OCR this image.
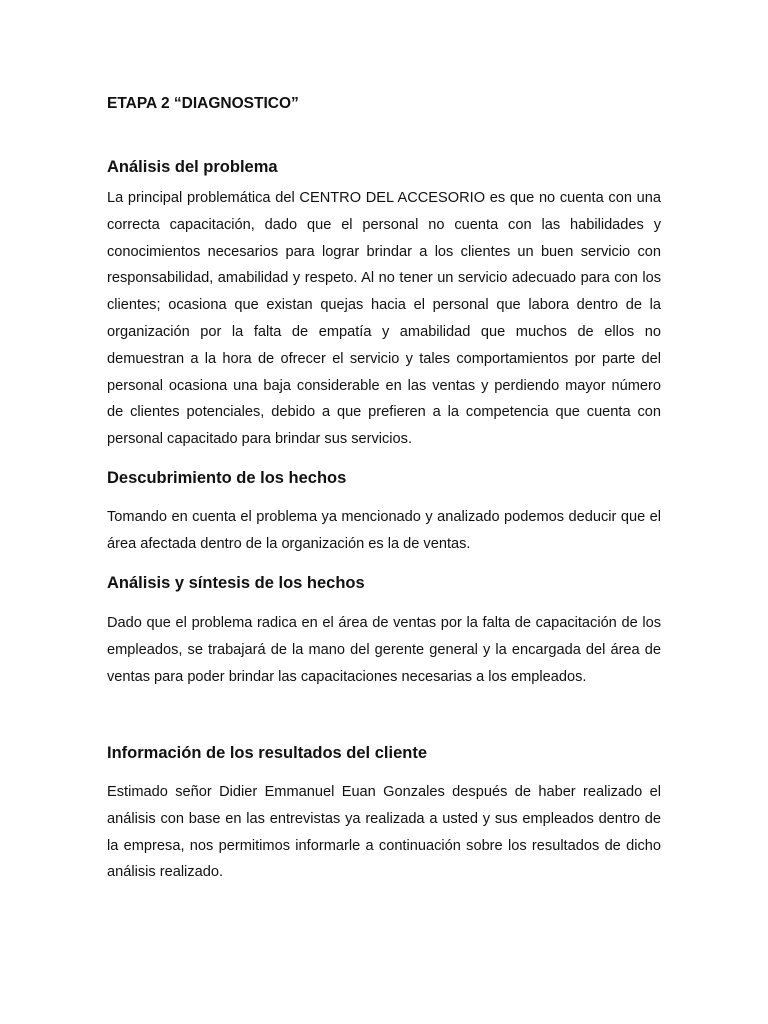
ETAPA 2 “DIAGNOSTICO”
Análisis del problema

La principal problemática del CENTRO DEL ACCESORIO es que no cuenta con una correcta capacitación, dado que el personal no cuenta con las habilidades y conocimientos necesarios para lograr brindar a los clientes un buen servicio con responsabilidad, amabilidad y respeto. Al no tener un servicio adecuado para con los clientes; ocasiona que existan quejas hacia el personal que labora dentro de la organización por la falta de empatía y amabilidad que muchos de ellos no demuestran a la hora de ofrecer el servicio y tales comportamientos por parte del personal ocasiona una baja considerable en las ventas y perdiendo mayor número de clientes potenciales, debido a que prefieren a la competencia que cuenta con personal capacitado para brindar sus servicios.

Descubrimiento de los hechos

Tomando en cuenta el problema ya mencionado y analizado podemos deducir que el área afectada dentro de la organización es la de ventas.

Análisis y síntesis de los hechos

Dado que el problema radica en el área de ventas por la falta de capacitación de los empleados, se trabajará de la mano del gerente general y la encargada del área de ventas para poder brindar las capacitaciones necesarias a los empleados.

Información de los resultados del cliente

Estimado señor Didier Emmanuel Euan Gonzales después de haber realizado el análisis con base en las entrevistas ya realizada a usted y sus empleados dentro de la empresa, nos permitimos informarle a continuación sobre los resultados de dicho análisis realizado.
